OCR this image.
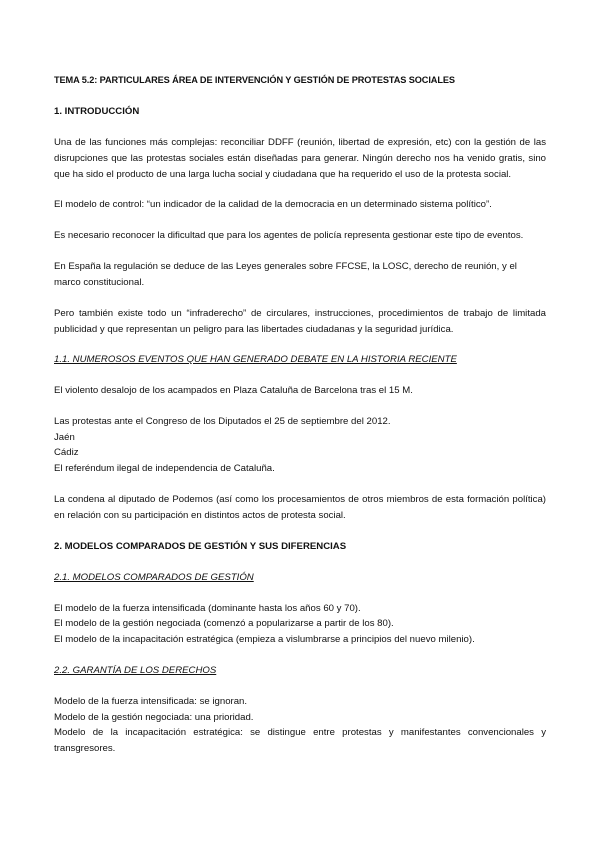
TEMA 5.2: PARTICULARES ÁREA DE INTERVENCIÓN Y GESTIÓN DE PROTESTAS SOCIALES

1. INTRODUCCIÓN

Una de las funciones más complejas: reconciliar DDFF (reunión, libertad de expresión, etc) con la gestión de las disrupciones que las protestas sociales están diseñadas para generar. Ningún derecho nos ha venido gratis, sino que ha sido el producto de una larga lucha social y ciudadana que ha requerido el uso de la protesta social.

El modelo de control: “un indicador de la calidad de la democracia en un determinado sistema político”.

Es necesario reconocer la dificultad que para los agentes de policía representa gestionar este tipo de eventos.

En España la regulación se deduce de las Leyes generales sobre FFCSE, la LOSC, derecho de reunión, y el marco constitucional.

Pero también existe todo un “infraderecho” de circulares, instrucciones, procedimientos de trabajo de limitada publicidad y que representan un peligro para las libertades ciudadanas y la seguridad jurídica.

1.1. NUMEROSOS EVENTOS QUE HAN GENERADO DEBATE EN LA HISTORIA RECIENTE

El violento desalojo de los acampados en Plaza Cataluña de Barcelona tras el 15 M.

Las protestas ante el Congreso de los Diputados el 25 de septiembre del 2012.

Jaén

Cádiz

El referéndum ilegal de independencia de Cataluña.

La condena al diputado de Podemos (así como los procesamientos de otros miembros de esta formación política) en relación con su participación en distintos actos de protesta social.

2. MODELOS COMPARADOS DE GESTIÓN Y SUS DIFERENCIAS

2.1. MODELOS COMPARADOS DE GESTIÓN

El modelo de la fuerza intensificada (dominante hasta los años 60 y 70).

El modelo de la gestión negociada (comenzó a popularizarse a partir de los 80).

El modelo de la incapacitación estratégica (empieza a vislumbrarse a principios del nuevo milenio).

2.2. GARANTÍA DE LOS DERECHOS

Modelo de la fuerza intensificada: se ignoran.

Modelo de la gestión negociada: una prioridad.

Modelo de la incapacitación estratégica: se distingue entre protestas y manifestantes convencionales y transgresores.
